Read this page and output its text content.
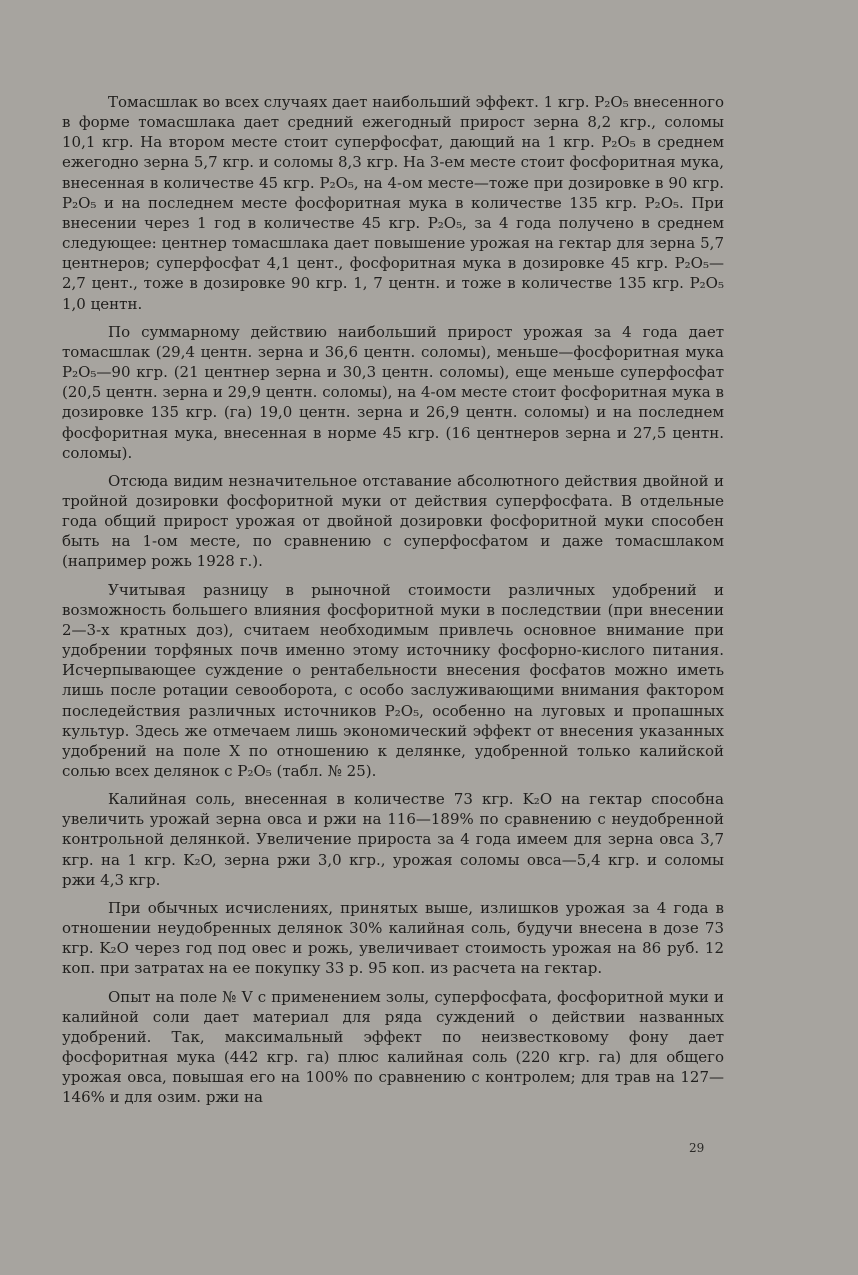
Томасшлак во всех случаях дает наибольший эффект. 1 кгр. P₂O₅ внесенного в форме томасшлака дает средний ежегодный прирост зерна 8,2 кгр., соломы 10,1 кгр. На втором месте стоит суперфосфат, дающий на 1 кгр. P₂O₅ в среднем ежегодно зерна 5,7 кгр. и соломы 8,3 кгр. На 3-ем месте стоит фосфоритная мука, внесенная в количестве 45 кгр. P₂O₅, на 4-ом месте—тоже при дозировке в 90 кгр. P₂O₅ и на последнем месте фосфоритная мука в количестве 135 кгр. P₂O₅. При внесении через 1 год в количестве 45 кгр. P₂O₅, за 4 года получено в среднем следующее: центнер томасшлака дает повышение урожая на гектар для зерна 5,7 центнеров; суперфосфат 4,1 цент., фосфоритная мука в дозировке 45 кгр. P₂O₅—2,7 цент., тоже в дозировке 90 кгр. 1, 7 центн. и тоже в количестве 135 кгр. P₂O₅ 1,0 центн.

По суммарному действию наибольший прирост урожая за 4 года дает томасшлак (29,4 центн. зерна и 36,6 центн. соломы), меньше—фосфоритная мука P₂O₅—90 кгр. (21 центнер зерна и 30,3 центн. соломы), еще меньше суперфосфат (20,5 центн. зерна и 29,9 центн. соломы), на 4-ом месте стоит фосфоритная мука в дозировке 135 кгр. (га) 19,0 центн. зерна и 26,9 центн. соломы) и на последнем фосфоритная мука, внесенная в норме 45 кгр. (16 центнеров зерна и 27,5 центн. соломы).

Отсюда видим незначительное отставание абсолютного действия двойной и тройной дозировки фосфоритной муки от действия суперфосфата. В отдельные года общий прирост урожая от двойной дозировки фосфоритной муки способен быть на 1-ом месте, по сравнению с суперфосфатом и даже томасшлаком (например рожь 1928 г.).

Учитывая разницу в рыночной стоимости различных удобрений и возможность большего влияния фосфоритной муки в последствии (при внесении 2—3-х кратных доз), считаем необходимым привлечь основное внимание при удобрении торфяных почв именно этому источнику фосфорно-кислого питания. Исчерпывающее суждение о рентабельности внесения фосфатов можно иметь лишь после ротации севооборота, с особо заслуживающими внимания фактором последействия различных источников P₂O₅, особенно на луговых и пропашных культур. Здесь же отмечаем лишь экономический эффект от внесения указанных удобрений на поле X по отношению к делянке, удобренной только калийской солью всех делянок с P₂O₅ (табл. № 25).

Калийная соль, внесенная в количестве 73 кгр. K₂O на гектар способна увеличить урожай зерна овса и ржи на 116—189% по сравнению с неудобренной контрольной делянкой. Увеличение прироста за 4 года имеем для зерна овса 3,7 кгр. на 1 кгр. K₂O, зерна ржи 3,0 кгр., урожая соломы овса—5,4 кгр. и соломы ржи 4,3 кгр.

При обычных исчислениях, принятых выше, излишков урожая за 4 года в отношении неудобренных делянок 30% калийная соль, будучи внесена в дозе 73 кгр. K₂O через год под овес и рожь, увеличивает стоимость урожая на 86 руб. 12 коп. при затратах на ее покупку 33 р. 95 коп. из расчета на гектар.

Опыт на поле № V с применением золы, суперфосфата, фосфоритной муки и калийной соли дает материал для ряда суждений о действии названных удобрений. Так, максимальный эффект по неизвестковому фону дает фосфоритная мука (442 кгр. га) плюс калийная соль (220 кгр. га) для общего урожая овса, повышая его на 100% по сравнению с контролем; для трав на 127—146% и для озим. ржи на

29
